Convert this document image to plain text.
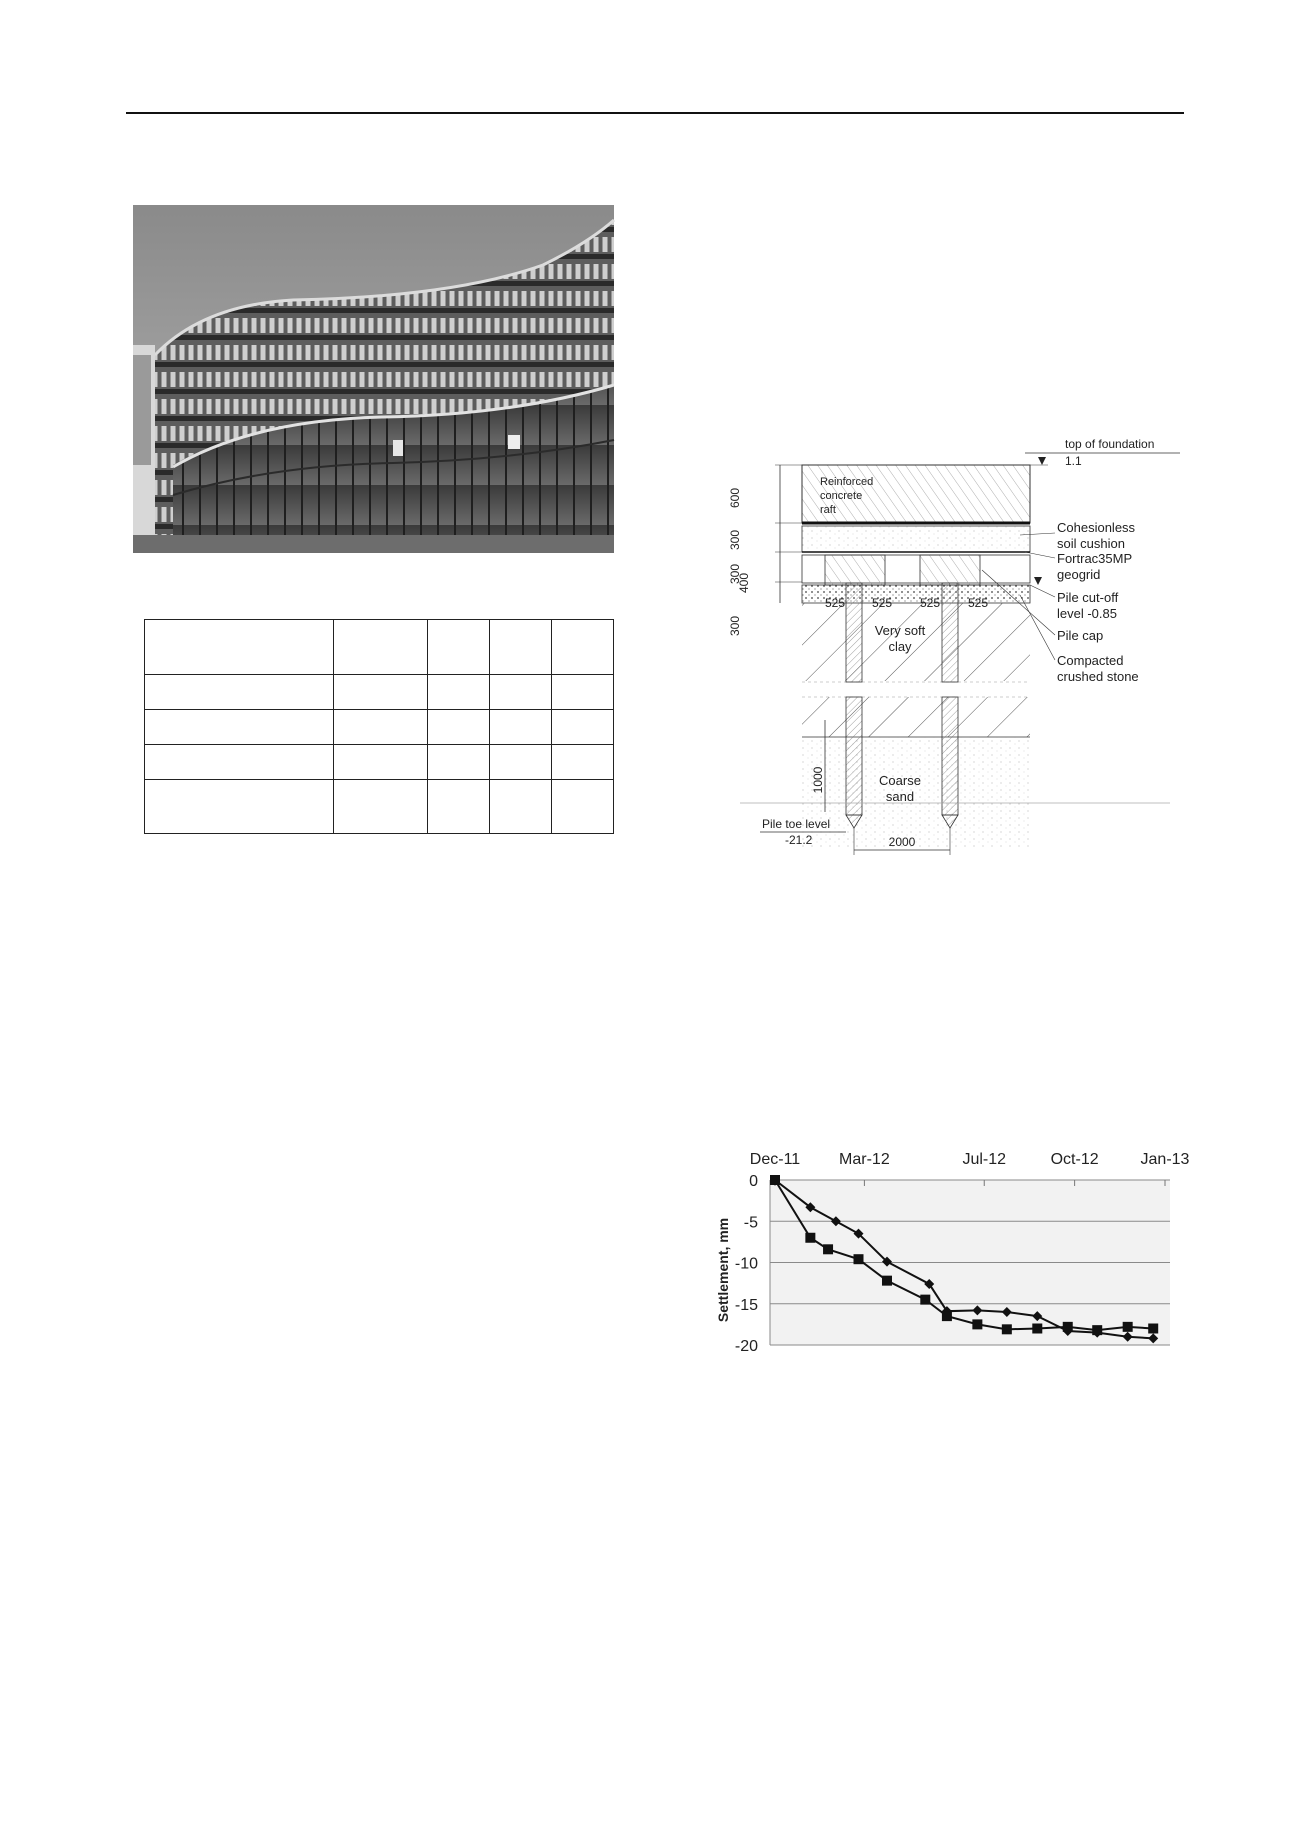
600
300
300
400
300
1000
525 525 525 525
Reinforced
concrete
raft
Very soft
clay
Coarse
sand
2000
Pile toe level
-21.2
top of foundation
1.1
Cohesionless
soil cushion
Fortrac35MP
geogrid
Pile cut-off
level -0.85
Pile cap
Compacted
crushed stone
0
-5
-10
-15
-20
Dec-11 Mar-12	Jul-12	Oct-12	Jan-13
Settlement, mm
